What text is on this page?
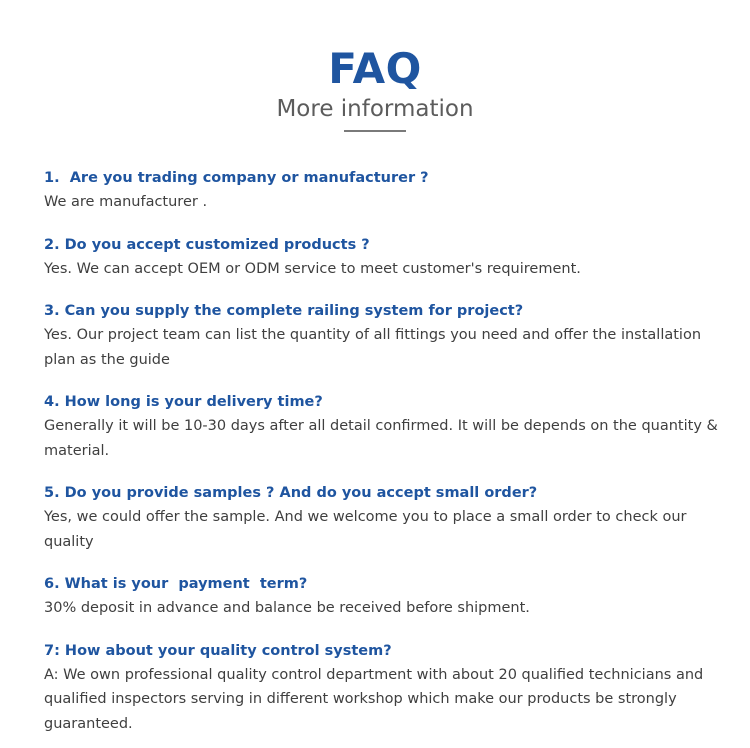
FAQ
More information
1.  Are you trading company or manufacturer ?
We are manufacturer .
2. Do you accept customized products ?
Yes. We can accept OEM or ODM service to meet customer's requirement.
3. Can you supply the complete railing system for project?
Yes. Our project team can list the quantity of all fittings you need and offer the installation plan as the guide
4. How long is your delivery time?
Generally it will be 10-30 days after all detail confirmed. It will be depends on the quantity & material.
5. Do you provide samples ? And do you accept small order?
Yes, we could offer the sample. And we welcome you to place a small order to check our quality
6. What is your  payment  term?
30% deposit in advance and balance be received before shipment.
7: How about your quality control system?
A: We own professional quality control department with about 20 qualified technicians and qualified inspectors serving in different workshop which make our products be strongly guaranteed.
